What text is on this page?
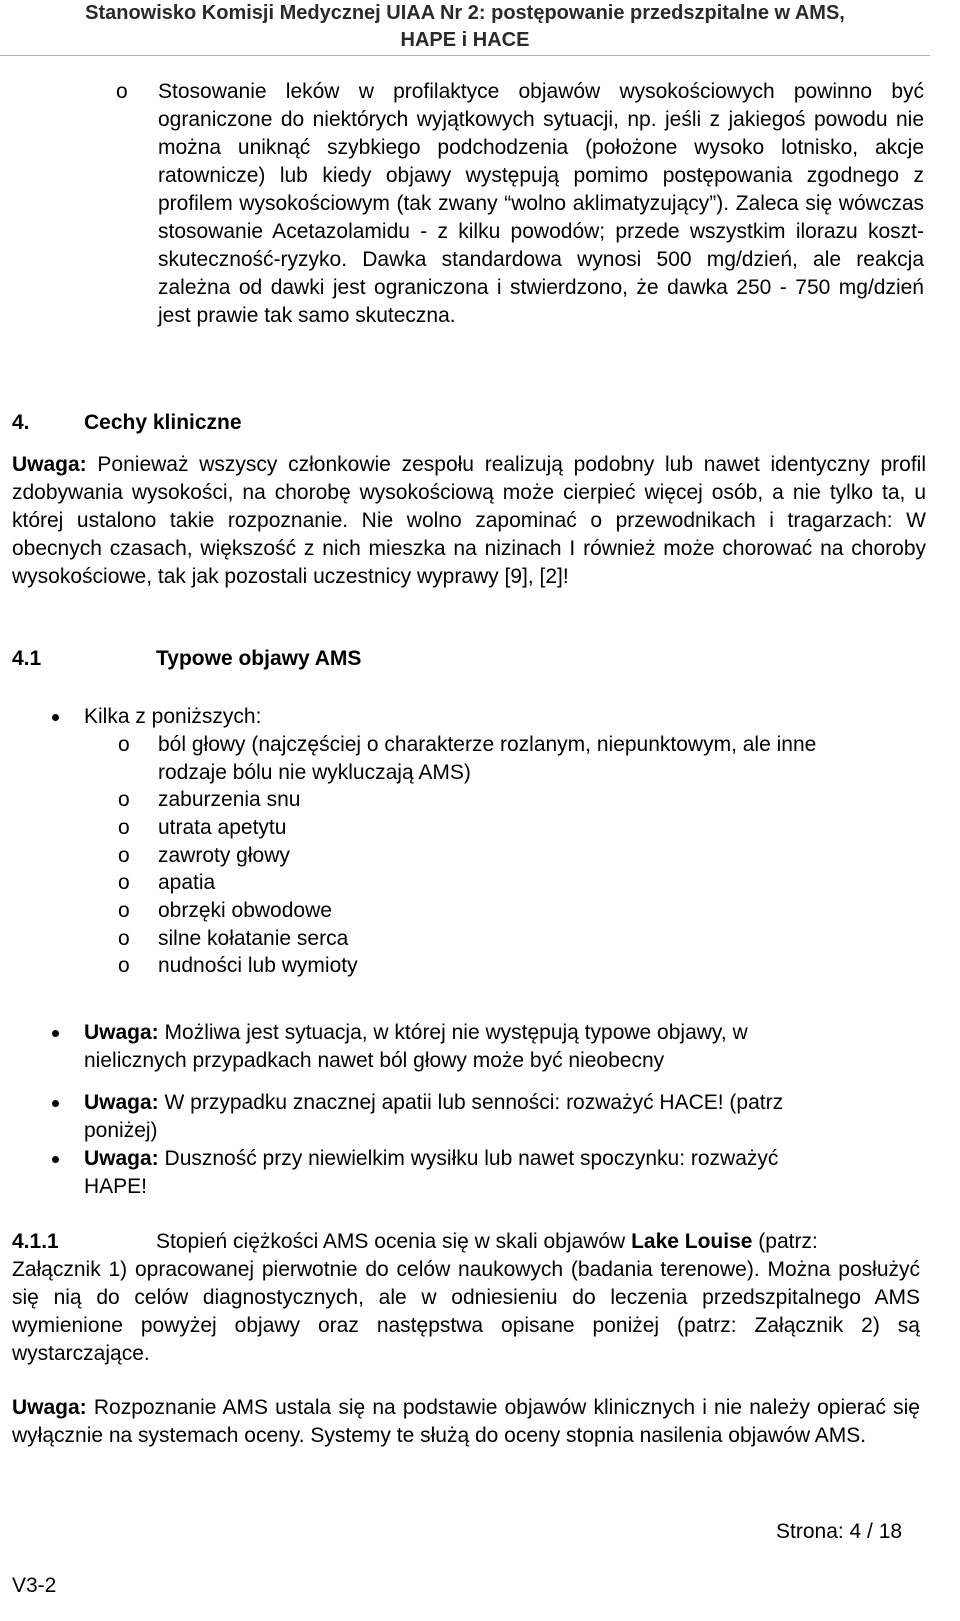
Stanowisko Komisji Medycznej UIAA Nr 2: postępowanie przedszpitalne w AMS,
HAPE i HACE
o Stosowanie leków w profilaktyce objawów wysokościowych powinno być ograniczone do niektórych wyjątkowych sytuacji, np. jeśli z jakiegoś powodu nie można uniknąć szybkiego podchodzenia (położone wysoko lotnisko, akcje ratownicze) lub kiedy objawy występują pomimo postępowania zgodnego z profilem wysokościowym (tak zwany “wolno aklimatyzujący”). Zaleca się wówczas stosowanie Acetazolamidu - z kilku powodów; przede wszystkim ilorazu koszt-skuteczność-ryzyko. Dawka standardowa wynosi 500 mg/dzień, ale reakcja zależna od dawki jest ograniczona i stwierdzono, że dawka 250 - 750 mg/dzień jest prawie tak samo skuteczna.
4.	Cechy kliniczne
Uwaga: Ponieważ wszyscy członkowie zespołu realizują podobny lub nawet identyczny profil zdobywania wysokości, na chorobę wysokościową może cierpieć więcej osób, a nie tylko ta, u której ustalono takie rozpoznanie. Nie wolno zapominać o przewodnikach i tragarzach: W obecnych czasach, większość z nich mieszka na nizinach I również może chorować na choroby wysokościowe, tak jak pozostali uczestnicy wyprawy [9], [2]!
4.1	Typowe objawy AMS
Kilka z poniższych:
o ból głowy (najczęściej o charakterze rozlanym, niepunktowym, ale inne
rodzaje bólu nie wykluczają AMS)
o zaburzenia snu
o utrata apetytu
o zawroty głowy
o apatia
o obrzęki obwodowe
o silne kołatanie serca
o nudności lub wymioty
Uwaga: Możliwa jest sytuacja, w której nie występują typowe objawy, w
nielicznych przypadkach nawet ból głowy może być nieobecny
Uwaga: W przypadku znacznej apatii lub senności: rozważyć HACE! (patrz
poniżej)
Uwaga: Duszność przy niewielkim wysiłku lub nawet spoczynku: rozważyć
HAPE!
4.1.1	Stopień ciężkości AMS ocenia się w skali objawów Lake Louise (patrz:
Załącznik 1) opracowanej pierwotnie do celów naukowych (badania terenowe). Można posłużyć się nią do celów diagnostycznych, ale w odniesieniu do leczenia przedszpitalnego AMS wymienione powyżej objawy oraz następstwa opisane poniżej (patrz: Załącznik 2) są wystarczające.
Uwaga: Rozpoznanie AMS ustala się na podstawie objawów klinicznych i nie należy opierać się wyłącznie na systemach oceny. Systemy te służą do oceny stopnia nasilenia objawów AMS.
Strona: 4 / 18
V3-2
